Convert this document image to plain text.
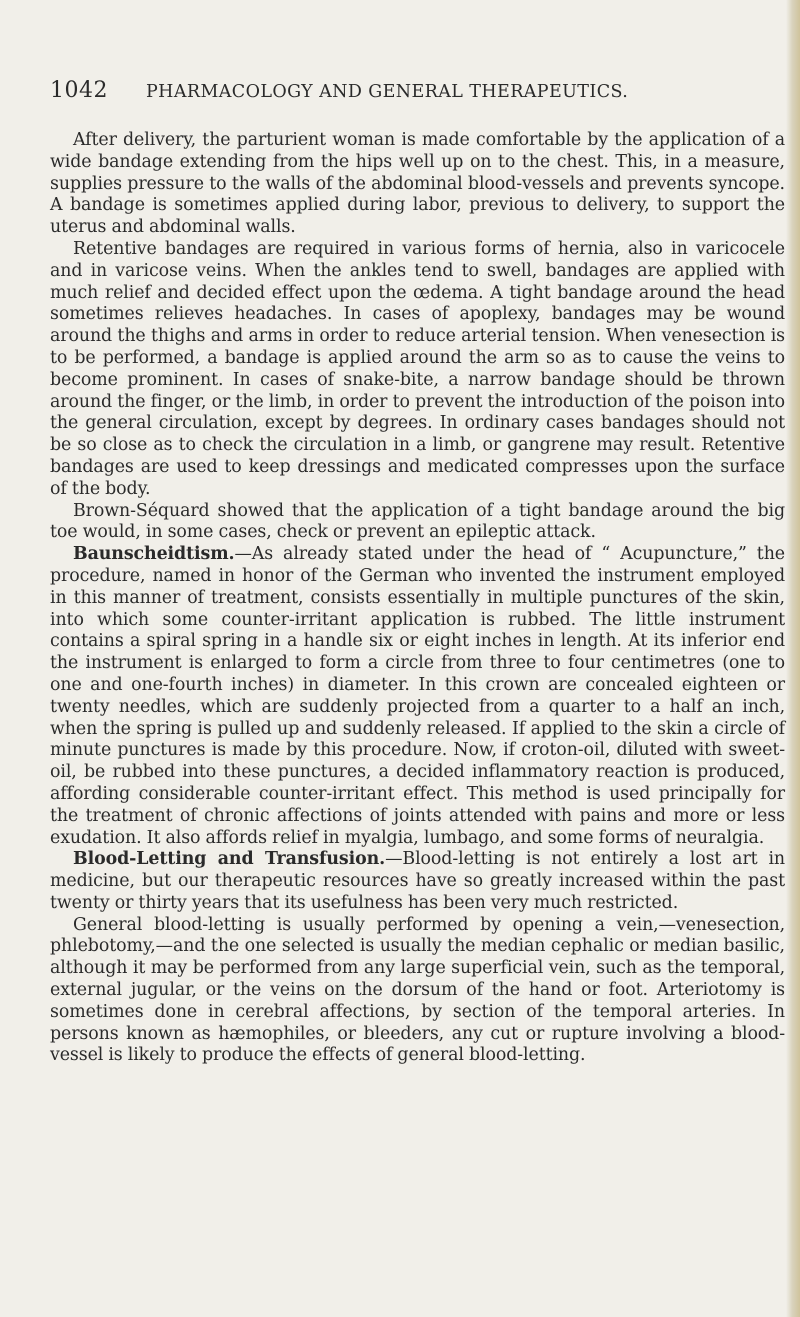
1042	PHARMACOLOGY AND GENERAL THERAPEUTICS.

After delivery, the parturient woman is made comfortable by the application of a wide bandage extending from the hips well up on to the chest. This, in a measure, supplies pressure to the walls of the abdominal blood-vessels and prevents syncope. A bandage is sometimes applied during labor, previous to delivery, to support the uterus and abdominal walls.

Retentive bandages are required in various forms of hernia, also in varicocele and in varicose veins. When the ankles tend to swell, bandages are applied with much relief and decided effect upon the œdema. A tight bandage around the head sometimes relieves headaches. In cases of apoplexy, bandages may be wound around the thighs and arms in order to reduce arterial tension. When venesection is to be performed, a bandage is applied around the arm so as to cause the veins to become prominent. In cases of snake-bite, a narrow bandage should be thrown around the finger, or the limb, in order to prevent the introduction of the poison into the general circulation, except by degrees. In ordinary cases bandages should not be so close as to check the circulation in a limb, or gangrene may result. Retentive bandages are used to keep dressings and medicated compresses upon the surface of the body.

Brown-Séquard showed that the application of a tight bandage around the big toe would, in some cases, check or prevent an epileptic attack.

Baunscheidtism.—As already stated under the head of “ Acupuncture,” the procedure, named in honor of the German who invented the instrument employed in this manner of treatment, consists essentially in multiple punctures of the skin, into which some counter-irritant application is rubbed. The little instrument contains a spiral spring in a handle six or eight inches in length. At its inferior end the instrument is enlarged to form a circle from three to four centimetres (one to one and one-fourth inches) in diameter. In this crown are concealed eighteen or twenty needles, which are suddenly projected from a quarter to a half an inch, when the spring is pulled up and suddenly released. If applied to the skin a circle of minute punctures is made by this procedure. Now, if croton-oil, diluted with sweet-oil, be rubbed into these punctures, a decided inflammatory reaction is produced, affording considerable counter-irritant effect. This method is used principally for the treatment of chronic affections of joints attended with pains and more or less exudation. It also affords relief in myalgia, lumbago, and some forms of neuralgia.

Blood-Letting and Transfusion.—Blood-letting is not entirely a lost art in medicine, but our therapeutic resources have so greatly increased within the past twenty or thirty years that its usefulness has been very much restricted.

General blood-letting is usually performed by opening a vein,—venesection, phlebotomy,—and the one selected is usually the median cephalic or median basilic, although it may be performed from any large superficial vein, such as the temporal, external jugular, or the veins on the dorsum of the hand or foot. Arteriotomy is sometimes done in cerebral affections, by section of the temporal arteries. In persons known as hæmophiles, or bleeders, any cut or rupture involving a blood-vessel is likely to produce the effects of general blood-letting.
